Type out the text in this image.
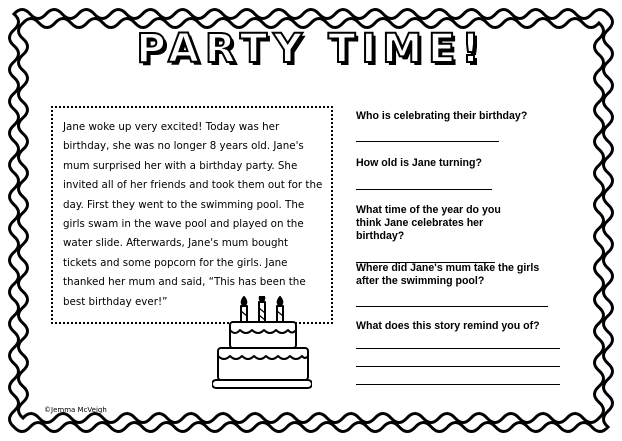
PARTY TIME!

Jane woke up very excited! Today was her birthday, she was no longer 8 years old. Jane's mum surprised her with a birthday party. She invited all of her friends and took them out for the day. First they went to the swimming pool. The girls swam in the wave pool and played on the water slide. Afterwards, Jane's mum bought tickets and some popcorn for the girls. Jane thanked her mum and said, “This has been the best birthday ever!”

Who is celebrating their birthday?

How old is Jane turning?

What time of the year do you think Jane celebrates her birthday?

Where did Jane's mum take the girls after the swimming pool?

What does this story remind you of?

©Jemma McVeigh
